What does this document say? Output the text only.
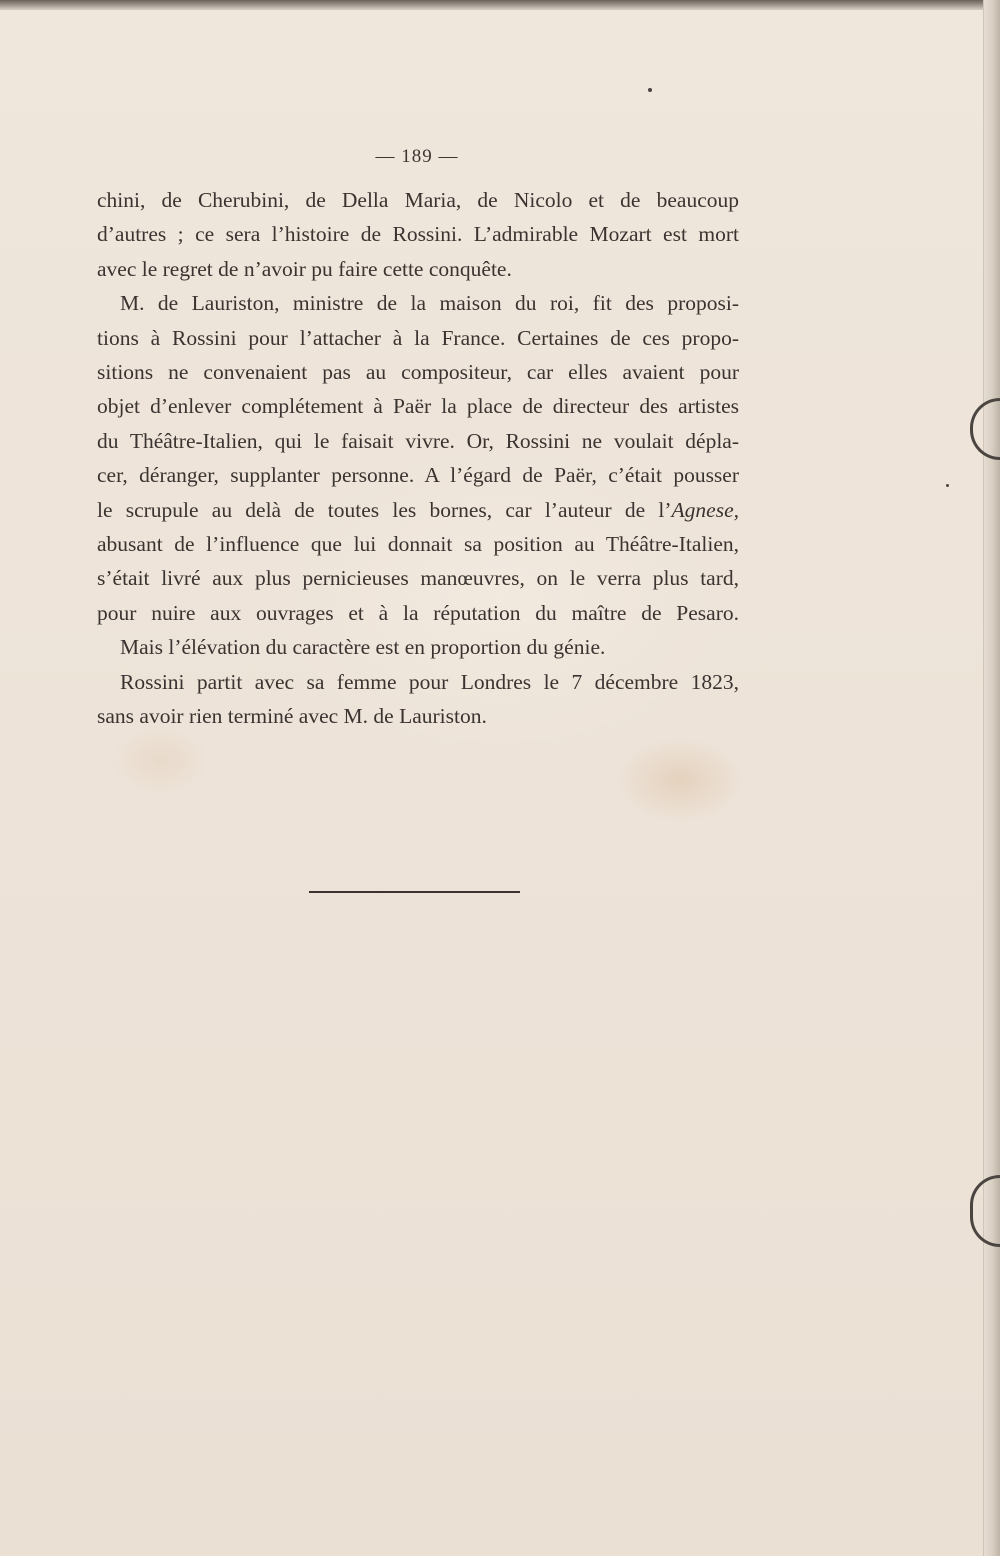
— 189 —
chini, de Cherubini, de Della Maria, de Nicolo et de beaucoup
d’autres ; ce sera l’histoire de Rossini. L’admirable Mozart est mort
avec le regret de n’avoir pu faire cette conquête.
M. de Lauriston, ministre de la maison du roi, fit des proposi-
tions à Rossini pour l’attacher à la France. Certaines de ces propo-
sitions ne convenaient pas au compositeur, car elles avaient pour
objet d’enlever complétement à Paër la place de directeur des artistes
du Théâtre-Italien, qui le faisait vivre. Or, Rossini ne voulait dépla-
cer, déranger, supplanter personne. A l’égard de Paër, c’était pousser
le scrupule au delà de toutes les bornes, car l’auteur de l’Agnese,
abusant de l’influence que lui donnait sa position au Théâtre-Italien,
s’était livré aux plus pernicieuses manœuvres, on le verra plus tard,
pour nuire aux ouvrages et à la réputation du maître de Pesaro.
Mais l’élévation du caractère est en proportion du génie.
Rossini partit avec sa femme pour Londres le 7 décembre 1823,
sans avoir rien terminé avec M. de Lauriston.
